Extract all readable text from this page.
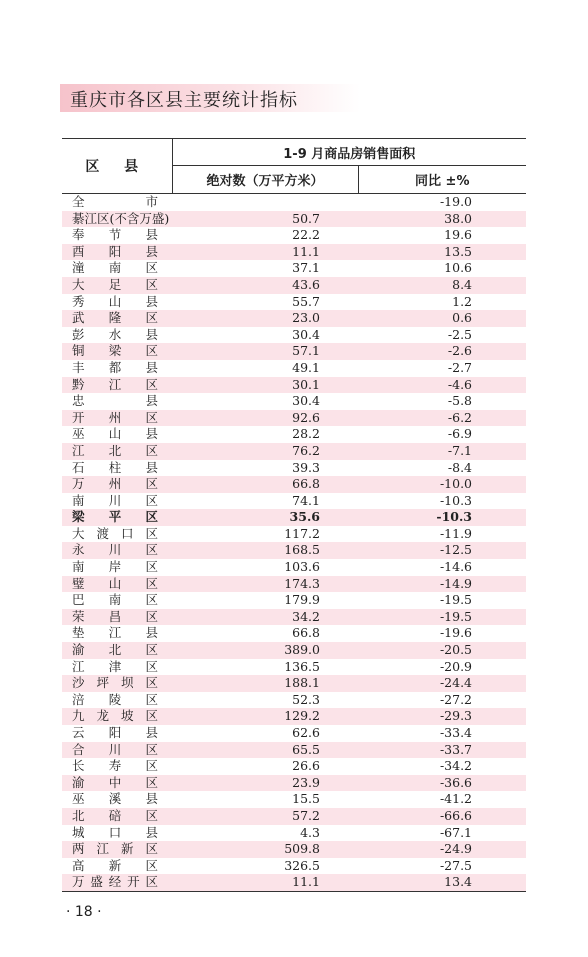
重庆市各区县主要统计指标
区 县	1-9 月商品房销售面积	
	绝对数（万平方米）	同比 ±%
全　　市		-19.0
綦江区(不含万盛)	50.7	38.0
奉节县	22.2	19.6
酉阳县	11.1	13.5
潼南区	37.1	10.6
大足区	43.6	8.4
秀山县	55.7	1.2
武隆区	23.0	0.6
彭水县	30.4	-2.5
铜梁区	57.1	-2.6
丰都县	49.1	-2.7
黔江区	30.1	-4.6
忠　　县	30.4	-5.8
开州区	92.6	-6.2
巫山县	28.2	-6.9
江北区	76.2	-7.1
石柱县	39.3	-8.4
万州区	66.8	-10.0
南川区	74.1	-10.3
梁平区	35.6	-10.3
大渡口区	117.2	-11.9
永川区	168.5	-12.5
南岸区	103.6	-14.6
璧山区	174.3	-14.9
巴南区	179.9	-19.5
荣昌区	34.2	-19.5
垫江县	66.8	-19.6
渝北区	389.0	-20.5
江津区	136.5	-20.9
沙坪坝区	188.1	-24.4
涪陵区	52.3	-27.2
九龙坡区	129.2	-29.3
云阳县	62.6	-33.4
合川区	65.5	-33.7
长寿区	26.6	-34.2
渝中区	23.9	-36.6
巫溪县	15.5	-41.2
北碚区	57.2	-66.6
城口县	4.3	-67.1
两江新区	509.8	-24.9
高新区	326.5	-27.5
万盛经开区	11.1	13.4
· 18 ·
